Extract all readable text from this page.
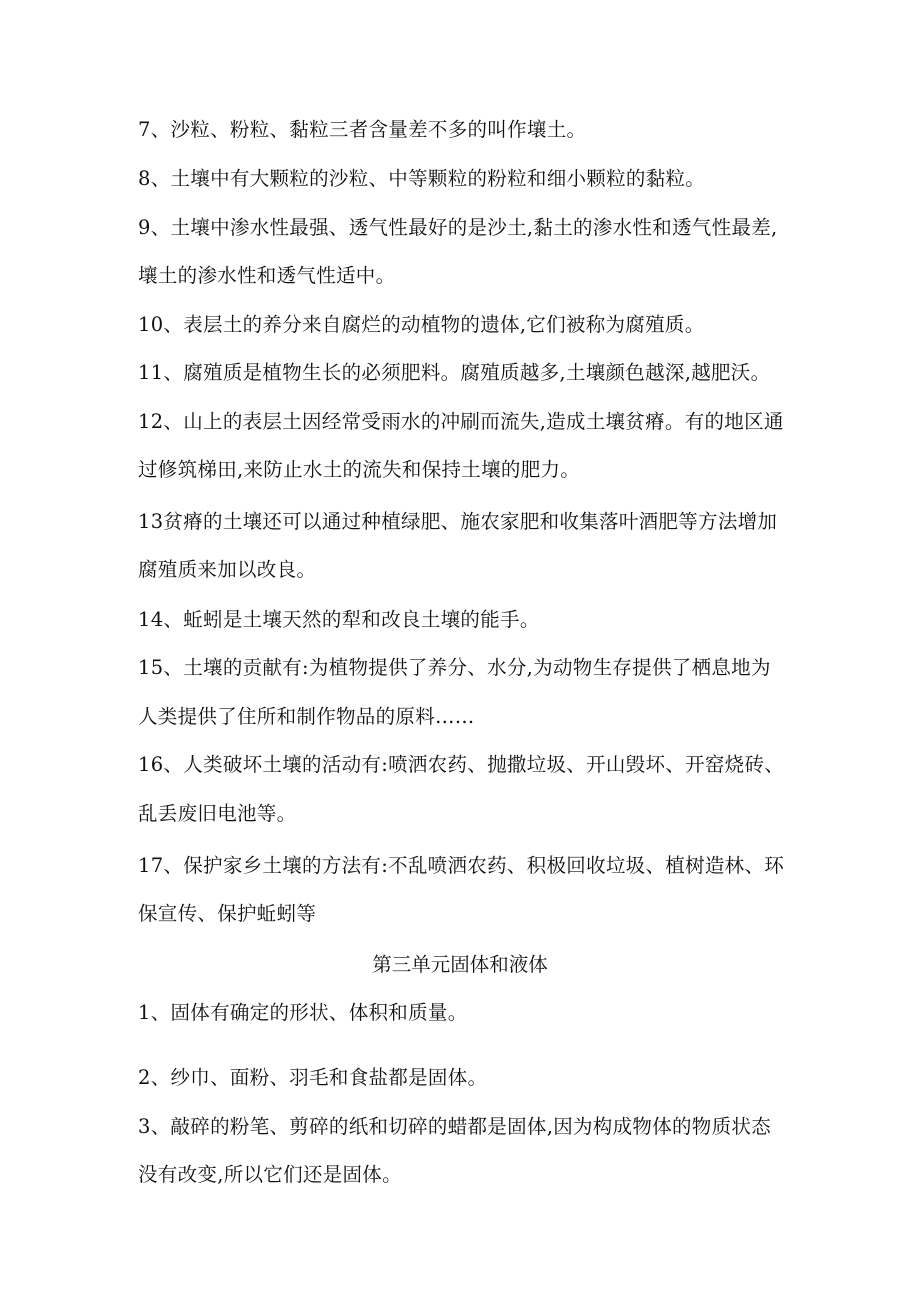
7、沙粒、粉粒、黏粒三者含量差不多的叫作壤土。
8、土壤中有大颗粒的沙粒、中等颗粒的粉粒和细小颗粒的黏粒。
9、土壤中渗水性最强、透气性最好的是沙土,黏土的渗水性和透气性最差,
壤土的渗水性和透气性适中。
10、表层土的养分来自腐烂的动植物的遗体,它们被称为腐殖质。
11、腐殖质是植物生长的必须肥料。腐殖质越多,土壤颜色越深,越肥沃。
12、山上的表层土因经常受雨水的冲刷而流失,造成土壤贫瘠。有的地区通
过修筑梯田,来防止水土的流失和保持土壤的肥力。
13贫瘠的土壤还可以通过种植绿肥、施农家肥和收集落叶酒肥等方法增加
腐殖质来加以改良。
14、蚯蚓是土壤天然的犁和改良土壤的能手。
15、土壤的贡献有:为植物提供了养分、水分,为动物生存提供了栖息地为
人类提供了住所和制作物品的原料……
16、人类破坏土壤的活动有:喷洒农药、抛撒垃圾、开山毁坏、开窑烧砖、
乱丢废旧电池等。
17、保护家乡土壤的方法有:不乱喷洒农药、积极回收垃圾、植树造林、环
保宣传、保护蚯蚓等
第三单元固体和液体
1、固体有确定的形状、体积和质量。
2、纱巾、面粉、羽毛和食盐都是固体。
3、敲碎的粉笔、剪碎的纸和切碎的蜡都是固体,因为构成物体的物质状态
没有改变,所以它们还是固体。
